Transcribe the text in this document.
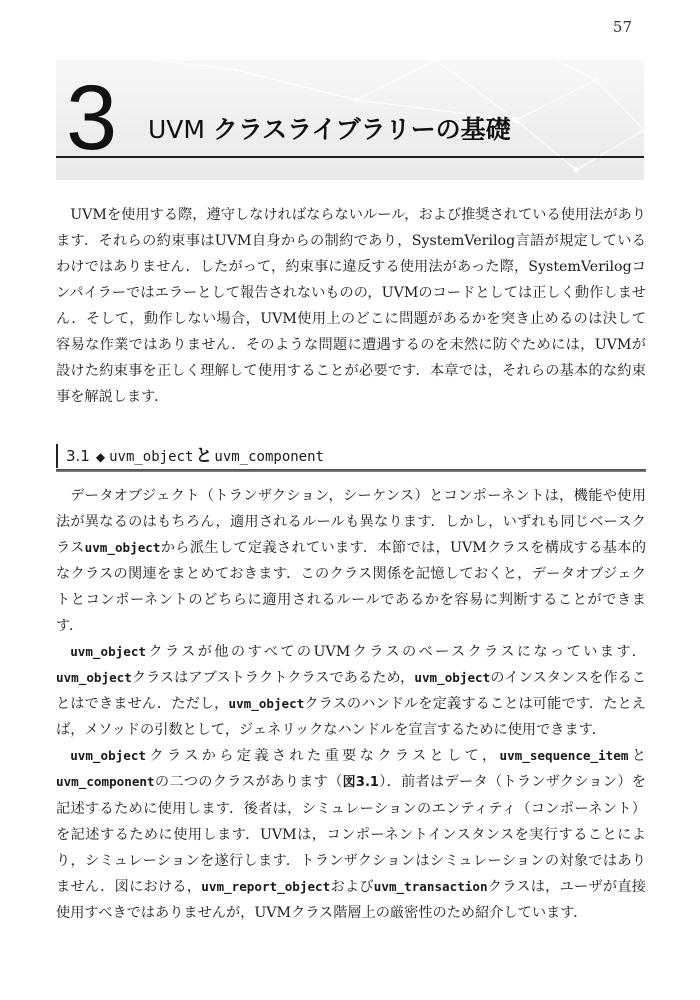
57
3 UVM クラスライブラリーの基礎

UVMを使用する際，遵守しなければならないルール，および推奨されている使用法があります．それらの約束事はUVM自身からの制約であり，SystemVerilog言語が規定しているわけではありません．したがって，約束事に違反する使用法があった際，SystemVerilogコンパイラーではエラーとして報告されないものの，UVMのコードとしては正しく動作しません．そして，動作しない場合，UVM使用上のどこに問題があるかを突き止めるのは決して容易な作業ではありません．そのような問題に遭遇するのを未然に防ぐためには，UVMが設けた約束事を正しく理解して使用することが必要です．本章では，それらの基本的な約束事を解説します．

3.1 ◆ uvm_object と uvm_component

データオブジェクト（トランザクション，シーケンス）とコンポーネントは，機能や使用法が異なるのはもちろん，適用されるルールも異なります．しかし，いずれも同じベースクラスuvm_objectから派生して定義されています．本節では，UVMクラスを構成する基本的なクラスの関連をまとめておきます．このクラス関係を記憶しておくと，データオブジェクトとコンポーネントのどちらに適用されるルールであるかを容易に判断することができます．

uvm_objectクラスが他のすべてのUVMクラスのベースクラスになっています．uvm_objectクラスはアブストラクトクラスであるため，uvm_objectのインスタンスを作ることはできません．ただし，uvm_objectクラスのハンドルを定義することは可能です．たとえば，メソッドの引数として，ジェネリックなハンドルを宣言するために使用できます．

uvm_objectクラスから定義された重要なクラスとして，uvm_sequence_itemとuvm_componentの二つのクラスがあります（図3.1）．前者はデータ（トランザクション）を記述するために使用します．後者は，シミュレーションのエンティティ（コンポーネント）を記述するために使用します．UVMは，コンポーネントインスタンスを実行することにより，シミュレーションを遂行します．トランザクションはシミュレーションの対象ではありません．図における，uvm_report_objectおよびuvm_transactionクラスは，ユーザが直接使用すべきではありませんが，UVMクラス階層上の厳密性のため紹介しています．
